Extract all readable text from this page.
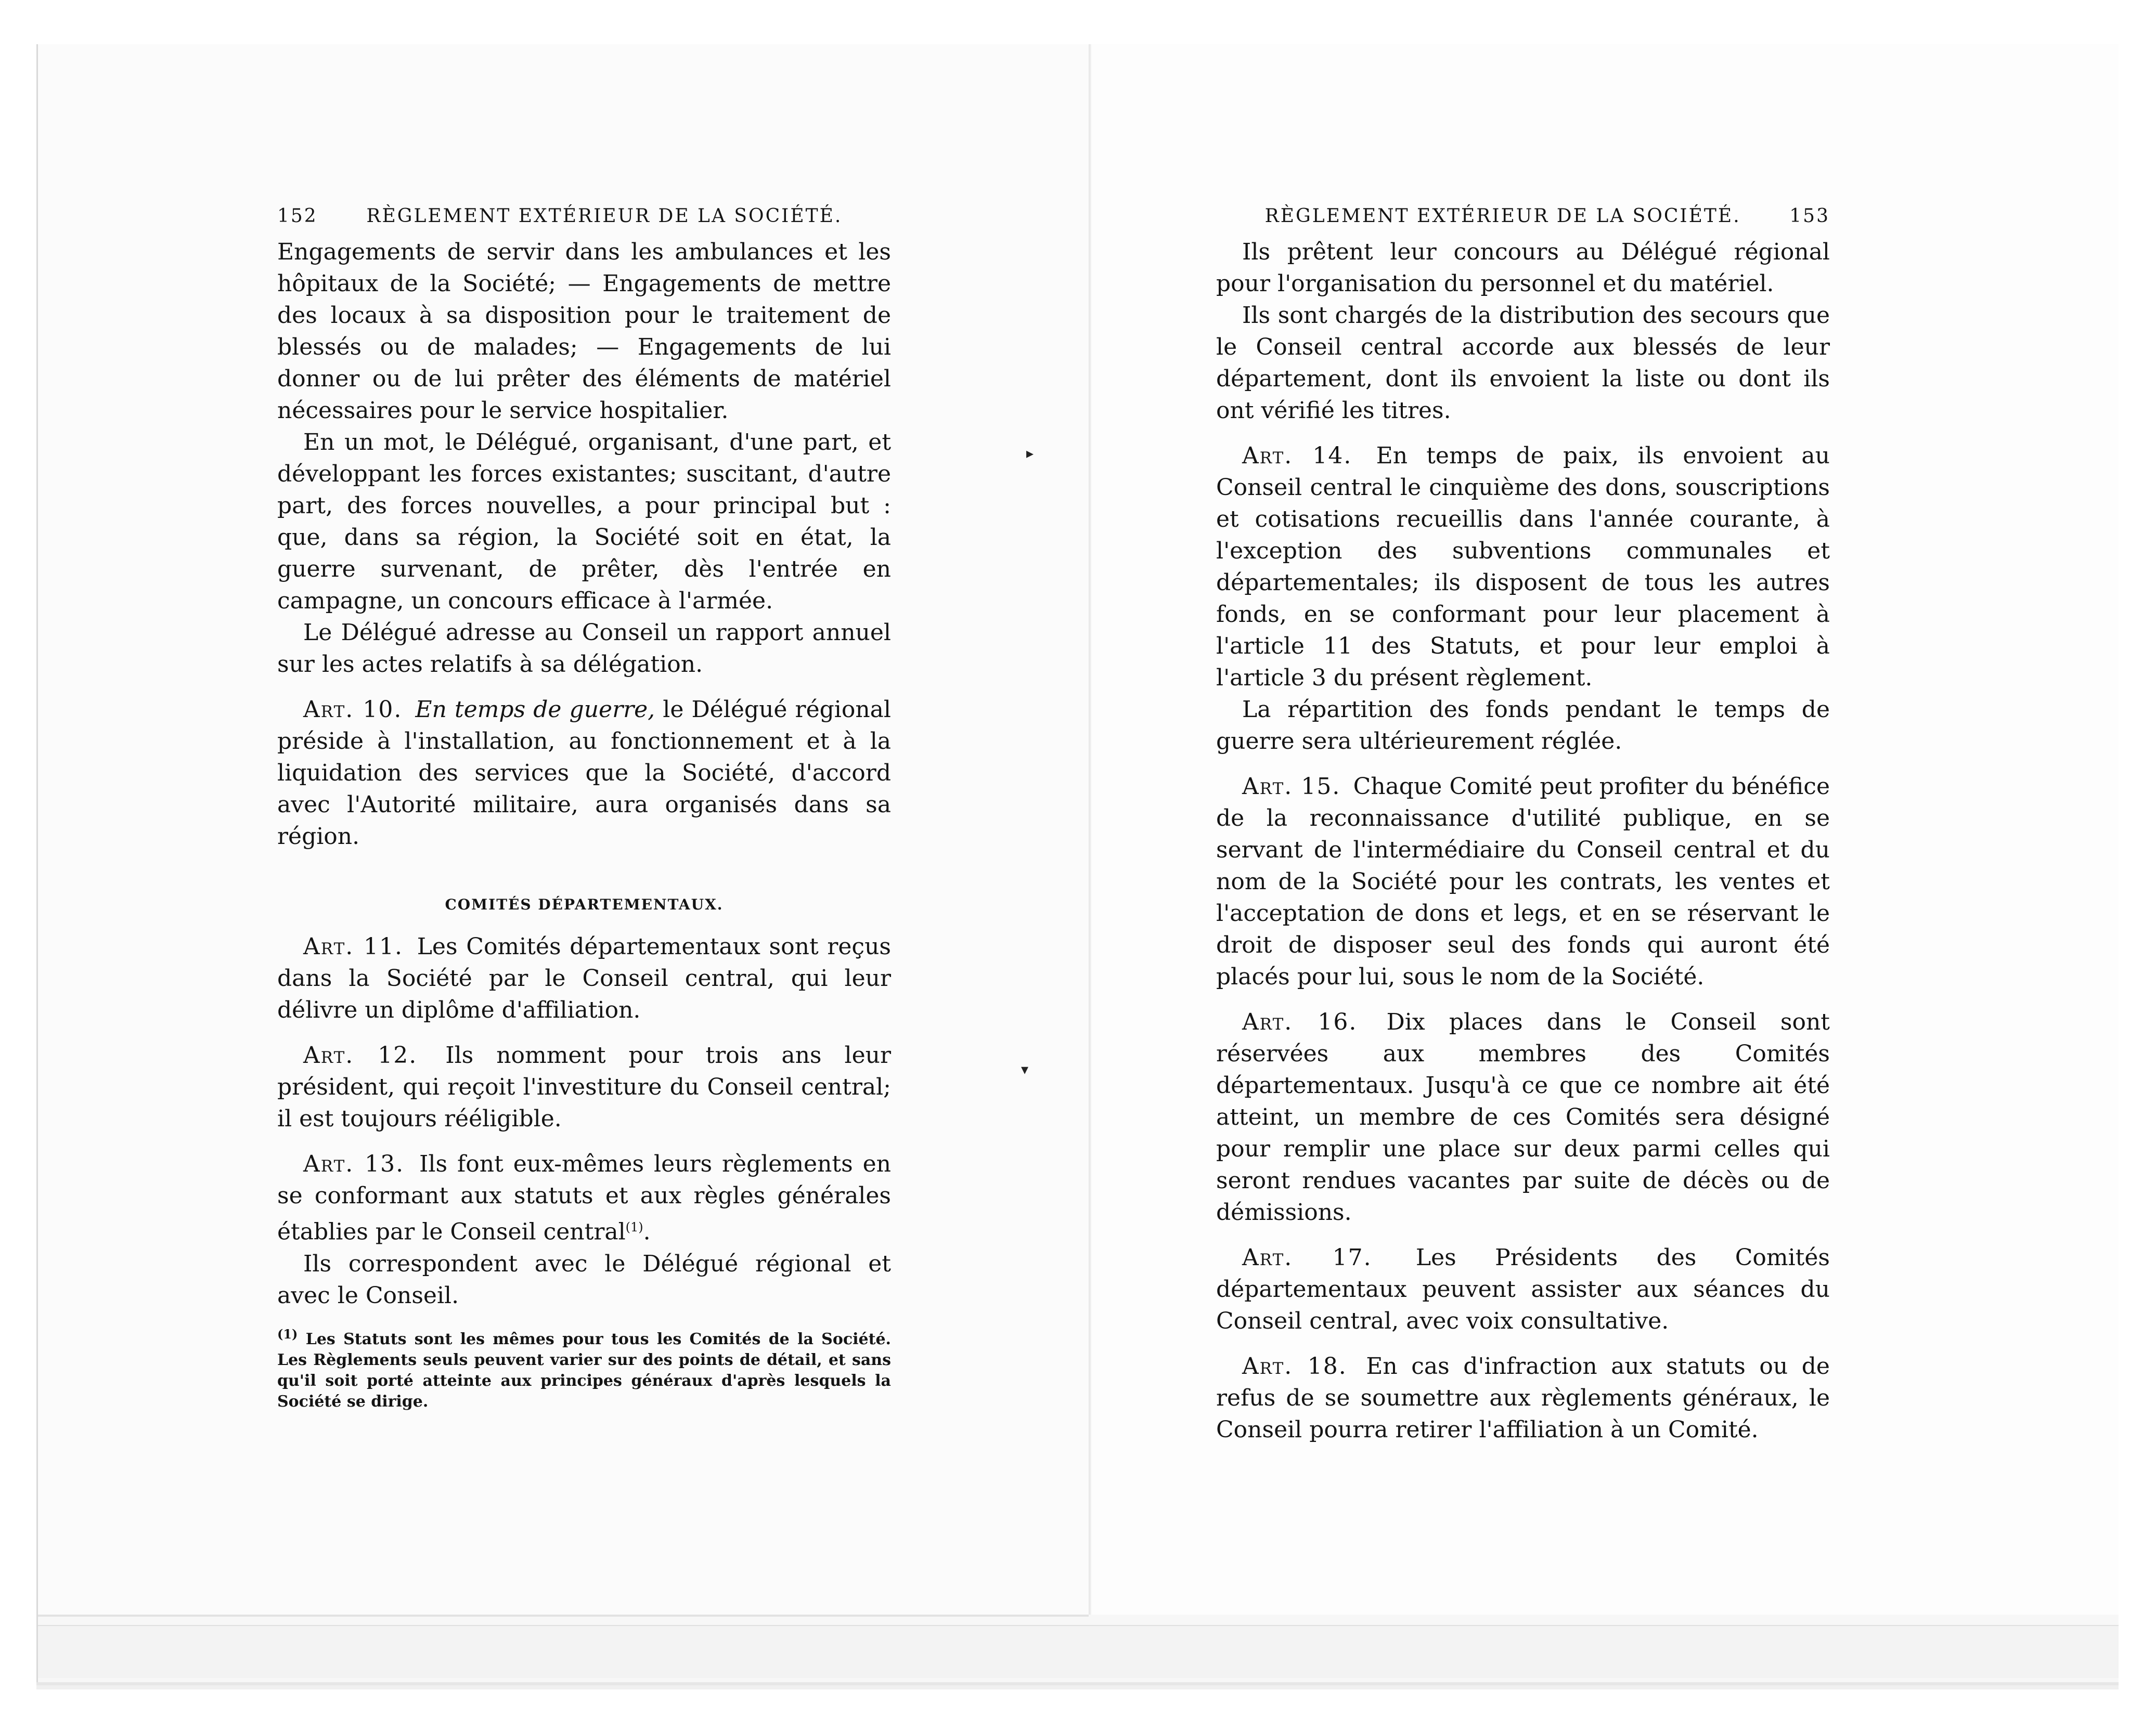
152	RÈGLEMENT EXTÉRIEUR DE LA SOCIÉTÉ.

Engagements de servir dans les ambulances et les hôpitaux de la Société; — Engagements de mettre des locaux à sa disposition pour le traitement de blessés ou de malades; — Engagements de lui donner ou de lui prêter des éléments de matériel nécessaires pour le service hospitalier.

En un mot, le Délégué, organisant, d'une part, et développant les forces existantes; suscitant, d'autre part, des forces nouvelles, a pour principal but : que, dans sa région, la Société soit en état, la guerre survenant, de prêter, dès l'entrée en campagne, un concours efficace à l'armée.

Le Délégué adresse au Conseil un rapport annuel sur les actes relatifs à sa délégation.

Art. 10. En temps de guerre, le Délégué régional préside à l'installation, au fonctionnement et à la liquidation des services que la Société, d'accord avec l'Autorité militaire, aura organisés dans sa région.

COMITÉS DÉPARTEMENTAUX.

Art. 11. Les Comités départementaux sont reçus dans la Société par le Conseil central, qui leur délivre un diplôme d'affiliation.

Art. 12. Ils nomment pour trois ans leur président, qui reçoit l'investiture du Conseil central; il est toujours rééligible.

Art. 13. Ils font eux-mêmes leurs règlements en se conformant aux statuts et aux règles générales établies par le Conseil central$^{(1)}$.

Ils correspondent avec le Délégué régional et avec le Conseil.

$^{(1)}$ Les Statuts sont les mêmes pour tous les Comités de la Société. Les Règlements seuls peuvent varier sur des points de détail, et sans qu'il soit porté atteinte aux principes généraux d'après lesquels la Société se dirige.

▸
▾
RÈGLEMENT EXTÉRIEUR DE LA SOCIÉTÉ.	153

Ils prêtent leur concours au Délégué régional pour l'organisation du personnel et du matériel.

Ils sont chargés de la distribution des secours que le Conseil central accorde aux blessés de leur département, dont ils envoient la liste ou dont ils ont vérifié les titres.

Art. 14. En temps de paix, ils envoient au Conseil central le cinquième des dons, souscriptions et cotisations recueillis dans l'année courante, à l'exception des subventions communales et départementales; ils disposent de tous les autres fonds, en se conformant pour leur placement à l'article 11 des Statuts, et pour leur emploi à l'article 3 du présent règlement.

La répartition des fonds pendant le temps de guerre sera ultérieurement réglée.

Art. 15. Chaque Comité peut profiter du bénéfice de la reconnaissance d'utilité publique, en se servant de l'intermédiaire du Conseil central et du nom de la Société pour les contrats, les ventes et l'acceptation de dons et legs, et en se réservant le droit de disposer seul des fonds qui auront été placés pour lui, sous le nom de la Société.

Art. 16. Dix places dans le Conseil sont réservées aux membres des Comités départementaux. Jusqu'à ce que ce nombre ait été atteint, un membre de ces Comités sera désigné pour remplir une place sur deux parmi celles qui seront rendues vacantes par suite de décès ou de démissions.

Art. 17. Les Présidents des Comités départementaux peuvent assister aux séances du Conseil central, avec voix consultative.

Art. 18. En cas d'infraction aux statuts ou de refus de se soumettre aux règlements généraux, le Conseil pourra retirer l'affiliation à un Comité.
